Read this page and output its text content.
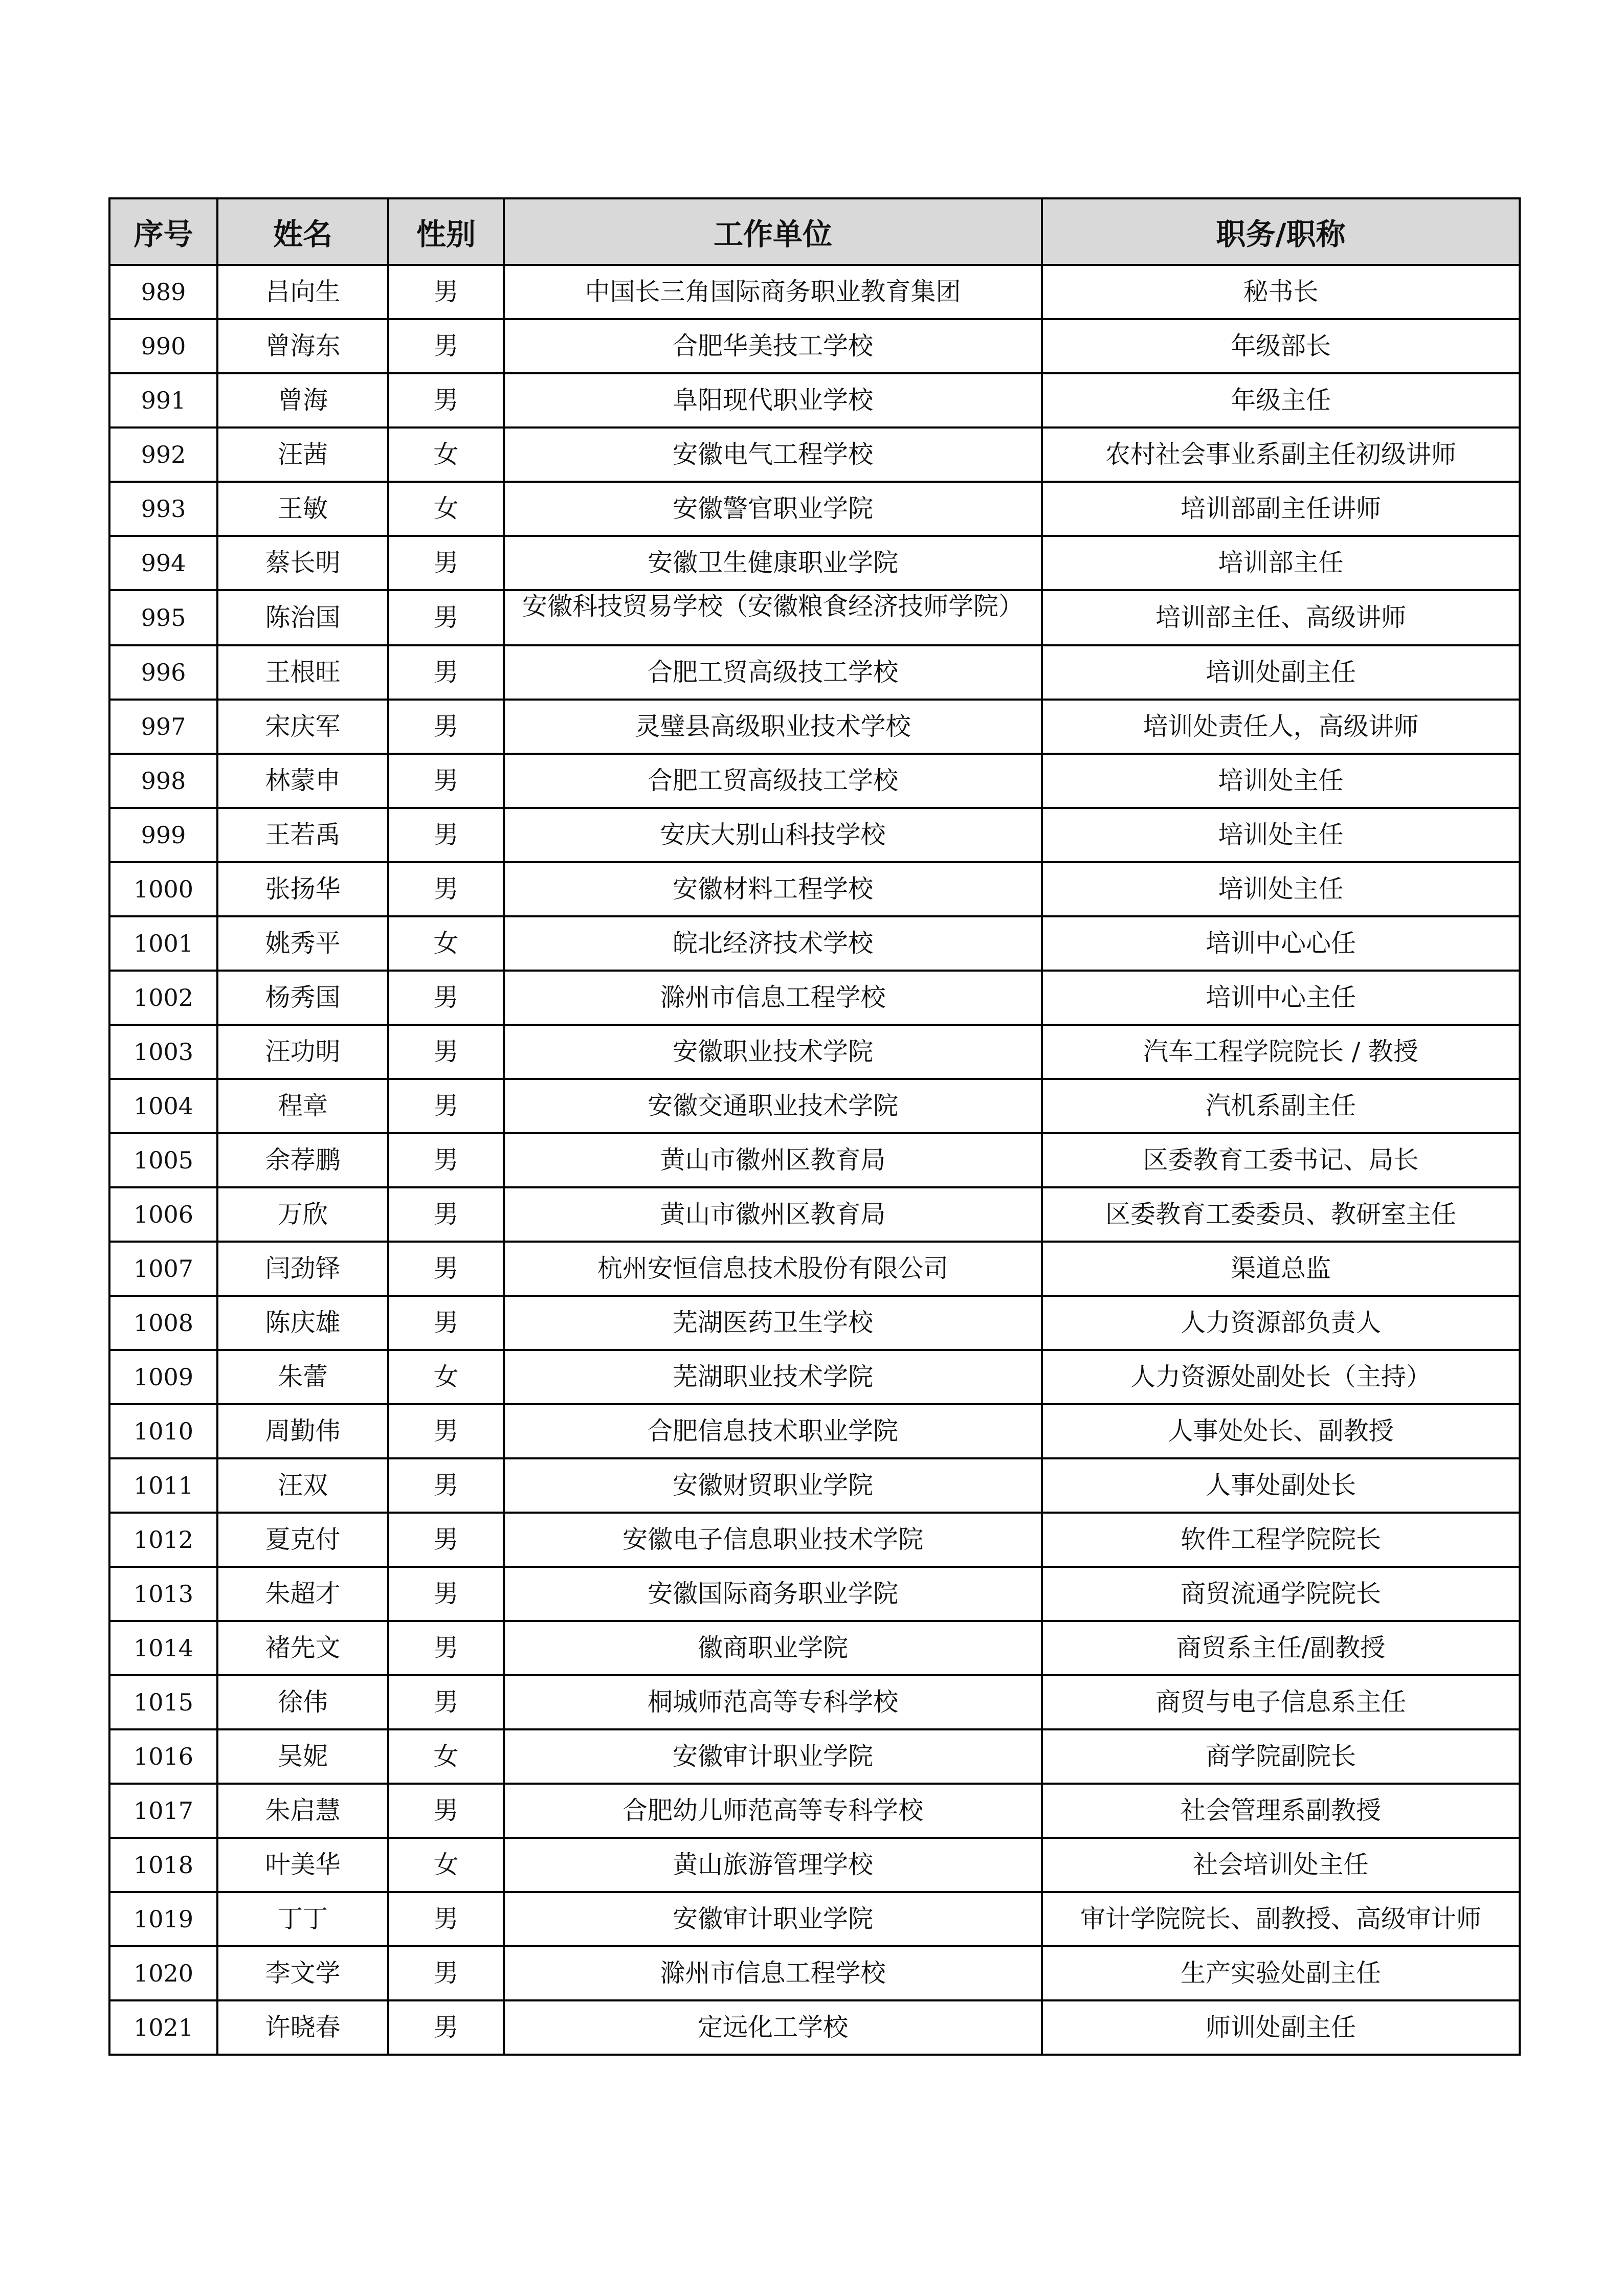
序号	姓名	性别	工作单位	职务/职称
989	吕向生	男	中国长三角国际商务职业教育集团	秘书长
990	曾海东	男	合肥华美技工学校	年级部长
991	曾海	男	阜阳现代职业学校	年级主任
992	汪茜	女	安徽电气工程学校	农村社会事业系副主任初级讲师
993	王敏	女	安徽警官职业学院	培训部副主任讲师
994	蔡长明	男	安徽卫生健康职业学院	培训部主任
995	陈治国	男	安徽科技贸易学校（安徽粮食经济技师学院）	培训部主任、高级讲师
996	王根旺	男	合肥工贸高级技工学校	培训处副主任
997	宋庆军	男	灵璧县高级职业技术学校	培训处责任人，高级讲师
998	林蒙申	男	合肥工贸高级技工学校	培训处主任
999	王若禹	男	安庆大别山科技学校	培训处主任
1000	张扬华	男	安徽材料工程学校	培训处主任
1001	姚秀平	女	皖北经济技术学校	培训中心心任
1002	杨秀国	男	滁州市信息工程学校	培训中心主任
1003	汪功明	男	安徽职业技术学院	汽车工程学院院长 / 教授
1004	程章	男	安徽交通职业技术学院	汽机系副主任
1005	余荐鹏	男	黄山市徽州区教育局	区委教育工委书记、局长
1006	万欣	男	黄山市徽州区教育局	区委教育工委委员、教研室主任
1007	闫劲铎	男	杭州安恒信息技术股份有限公司	渠道总监
1008	陈庆雄	男	芜湖医药卫生学校	人力资源部负责人
1009	朱蕾	女	芜湖职业技术学院	人力资源处副处长（主持）
1010	周勤伟	男	合肥信息技术职业学院	人事处处长、副教授
1011	汪双	男	安徽财贸职业学院	人事处副处长
1012	夏克付	男	安徽电子信息职业技术学院	软件工程学院院长
1013	朱超才	男	安徽国际商务职业学院	商贸流通学院院长
1014	褚先文	男	徽商职业学院	商贸系主任/副教授
1015	徐伟	男	桐城师范高等专科学校	商贸与电子信息系主任
1016	吴妮	女	安徽审计职业学院	商学院副院长
1017	朱启慧	男	合肥幼儿师范高等专科学校	社会管理系副教授
1018	叶美华	女	黄山旅游管理学校	社会培训处主任
1019	丁丁	男	安徽审计职业学院	审计学院院长、副教授、高级审计师
1020	李文学	男	滁州市信息工程学校	生产实验处副主任
1021	许晓春	男	定远化工学校	师训处副主任
